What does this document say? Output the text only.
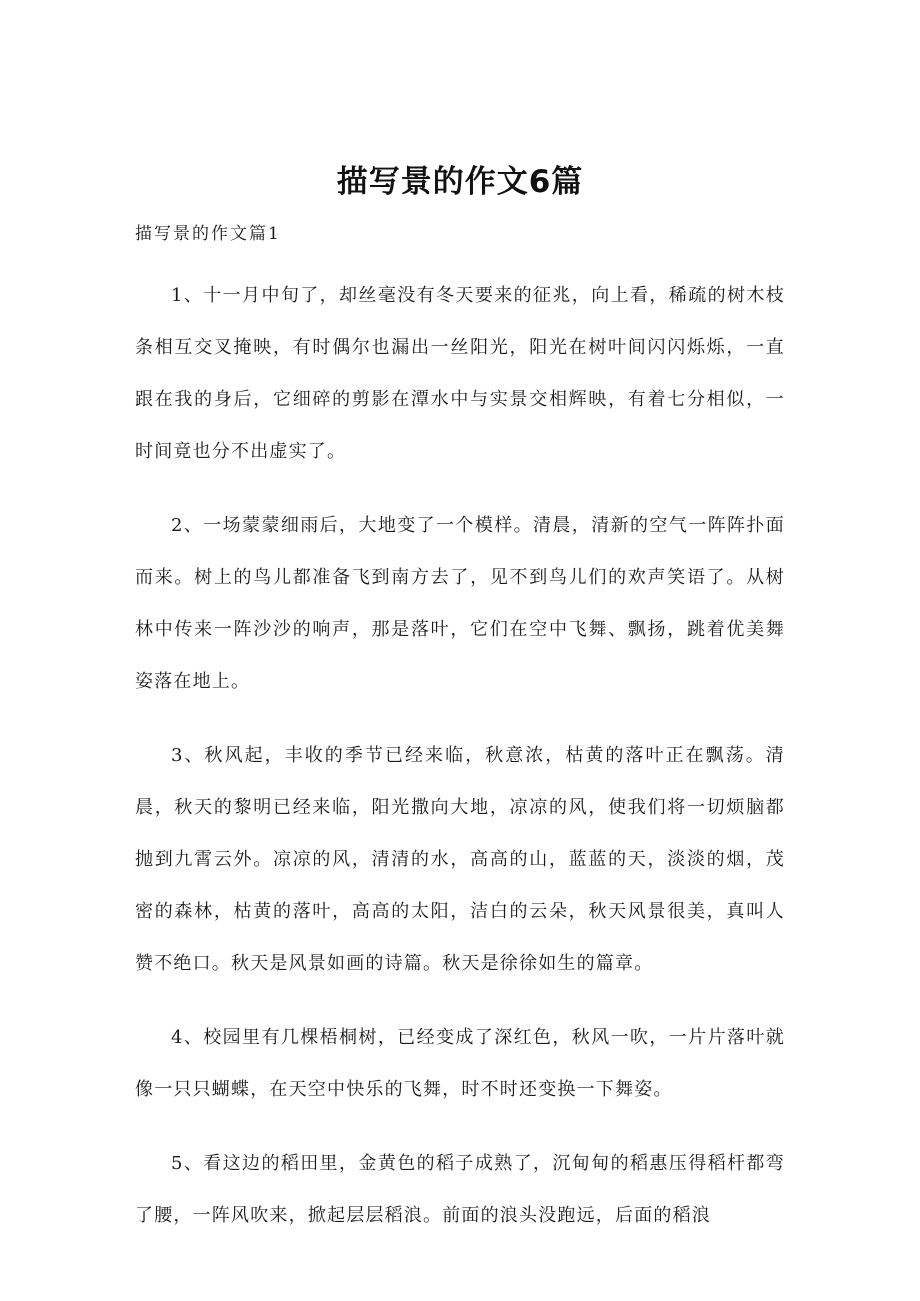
描写景的作文6篇

描写景的作文篇1

1、十一月中旬了，却丝毫没有冬天要来的征兆，向上看，稀疏的树木枝条相互交叉掩映，有时偶尔也漏出一丝阳光，阳光在树叶间闪闪烁烁，一直跟在我的身后，它细碎的剪影在潭水中与实景交相辉映，有着七分相似，一时间竟也分不出虚实了。

2、一场蒙蒙细雨后，大地变了一个模样。清晨，清新的空气一阵阵扑面而来。树上的鸟儿都准备飞到南方去了，见不到鸟儿们的欢声笑语了。从树林中传来一阵沙沙的响声，那是落叶，它们在空中飞舞、飘扬，跳着优美舞姿落在地上。

3、秋风起，丰收的季节已经来临，秋意浓，枯黄的落叶正在飘荡。清晨，秋天的黎明已经来临，阳光撒向大地，凉凉的风，使我们将一切烦脑都抛到九霄云外。凉凉的风，清清的水，高高的山，蓝蓝的天，淡淡的烟，茂密的森林，枯黄的落叶，高高的太阳，洁白的云朵，秋天风景很美，真叫人赞不绝口。秋天是风景如画的诗篇。秋天是徐徐如生的篇章。

4、校园里有几棵梧桐树，已经变成了深红色，秋风一吹，一片片落叶就像一只只蝴蝶，在天空中快乐的飞舞，时不时还变换一下舞姿。

5、看这边的稻田里，金黄色的稻子成熟了，沉甸甸的稻惠压得稻杆都弯了腰，一阵风吹来，掀起层层稻浪。前面的浪头没跑远，后面的稻浪
